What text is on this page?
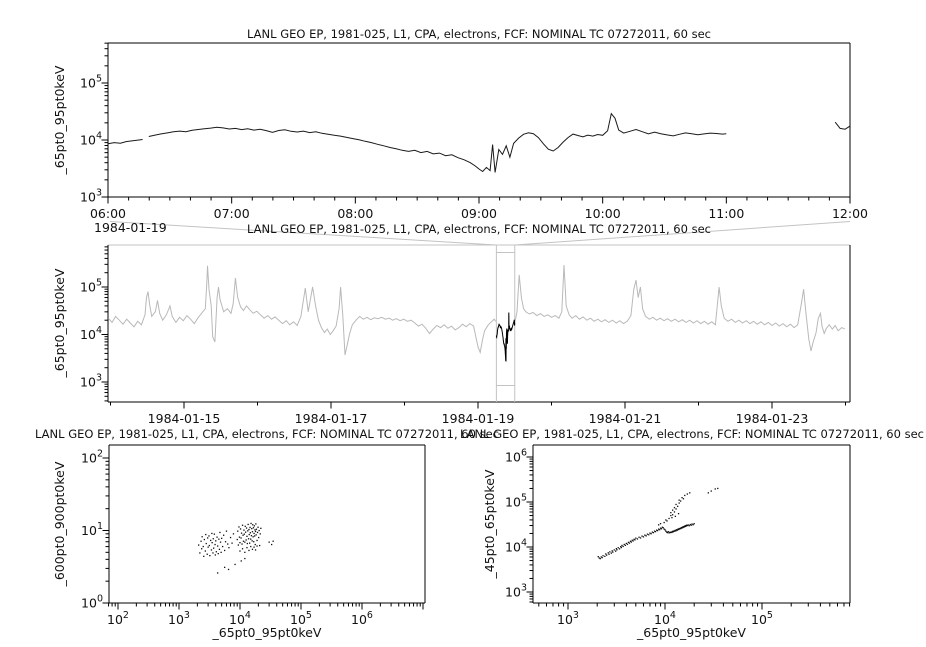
$10^3$
$10^4$
$10^5$
06:00	07:00	08:00	09:00	10:00	11:00	12:00
$10^3$
$10^4$
$10^5$
1984-01-15	1984-01-17	1984-01-19	1984-01-21	1984-01-23
$10^0$
$10^1$
$10^2$
$10^2$	$10^3$	$10^4$	$10^5$	$10^6$
$10^3$
$10^4$
$10^5$
$10^6$
$10^3$	$10^4$	$10^5$
_65pt0_95pt0keV
_65pt0_95pt0keV
_600pt0_900pt0keV	_45pt0_65pt0keV
LANL GEO EP, 1981-025, L1, CPA, electrons, FCF: NOMINAL TC 07272011, 60 sec
1984-01-19	LANL GEO EP, 1981-025, L1, CPA, electrons, FCF: NOMINAL TC 07272011, 60 sec
LANL GEO EP, 1981-025, L1, CPA, electrons, FCF: NOMINAL TC 07272011, 60 sec
LANL GEO EP, 1981-025, L1, CPA, electrons, FCF: NOMINAL TC 07272011, 60 sec
_65pt0_95pt0keV	_65pt0_95pt0keV
